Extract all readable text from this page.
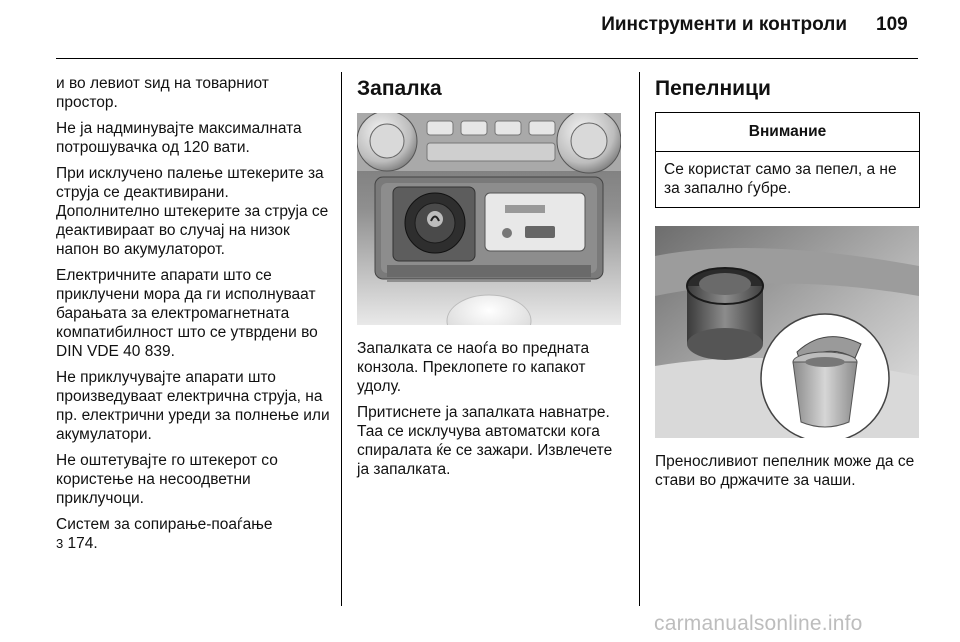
Иинструменти и контроли 109

и во левиот ѕид на товарниот простор.

Не ја надминувајте максималната потрошувачка од 120 вати.

При исклучено палење штекерите за струја се деактивирани. Дополнително штекерите за струја се деактивираат во случај на низок напон во акумулаторот.

Електричните апарати што се приклучени мора да ги исполнуваат барањата за електромагнетната компатибилност што се утврдени во DIN VDE 40 839.

Не приклучувајте апарати што произведуваат електрична струја, на пр. електрични уреди за полнење или акумулатори.

Не оштетувајте го штекерот со користење на несоодветни приклучоци.

Систем за сопирање-поаѓање
3 174.

Запалка

Запалката се наоѓа во предната конзола. Преклопете го капакот удолу.

Притиснете ја запалката навнатре. Таа се исклучува автоматски кога спиралата ќе се зажари. Извлечете ја запалката.

Пепелници
Внимание
Се користат само за пепел, а не за запално ѓубре.

Преносливиот пепелник може да се стави во држачите за чаши.

carmanualsonline.info
